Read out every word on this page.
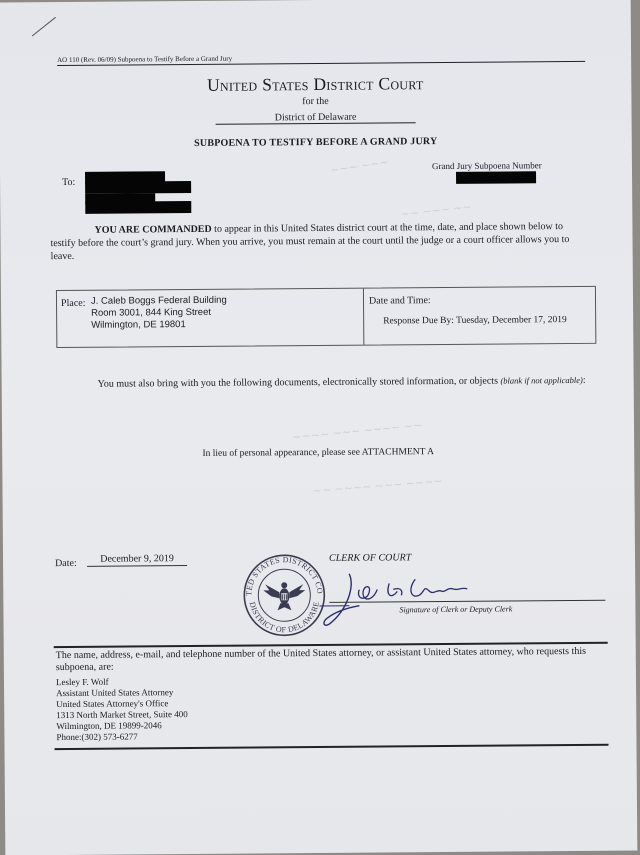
~~~ ~~~
~~ ~~~ ~~
~~~~ ~~~ ~~~~ ~~
~~ ~~~~ ~~~ ~~~~
AO 110 (Rev. 06/09) Subpoena to Testify Before a Grand Jury
United States District Court
for the
District of Delaware
SUBPOENA TO TESTIFY BEFORE A GRAND JURY
To:
Grand Jury Subpoena Number
YOU ARE COMMANDED to appear in this United States district court at the time, date, and place shown below to testify before the court’s grand jury. When you arrive, you must remain at the court until the judge or a court officer allows you to leave.
Place: J. Caleb Boggs Federal Building
Room 3001, 844 King Street
Wilmington, DE 19801
Date and Time:
Response Due By: Tuesday, December 17, 2019
You must also bring with you the following documents, electronically stored information, or objects (blank if not applicable):
In lieu of personal appearance, please see ATTACHMENT A
Date:	December 9, 2019
UNITED STATES DISTRICT COURT
DISTRICT OF DELAWARE
CLERK OF COURT
Signature of Clerk or Deputy Clerk
The name, address, e-mail, and telephone number of the United States attorney, or assistant United States attorney, who requests this subpoena, are:
Lesley F. Wolf
Assistant United States Attorney
United States Attorney's Office
1313 North Market Street, Suite 400
Wilmington, DE 19899-2046
Phone:(302) 573-6277
